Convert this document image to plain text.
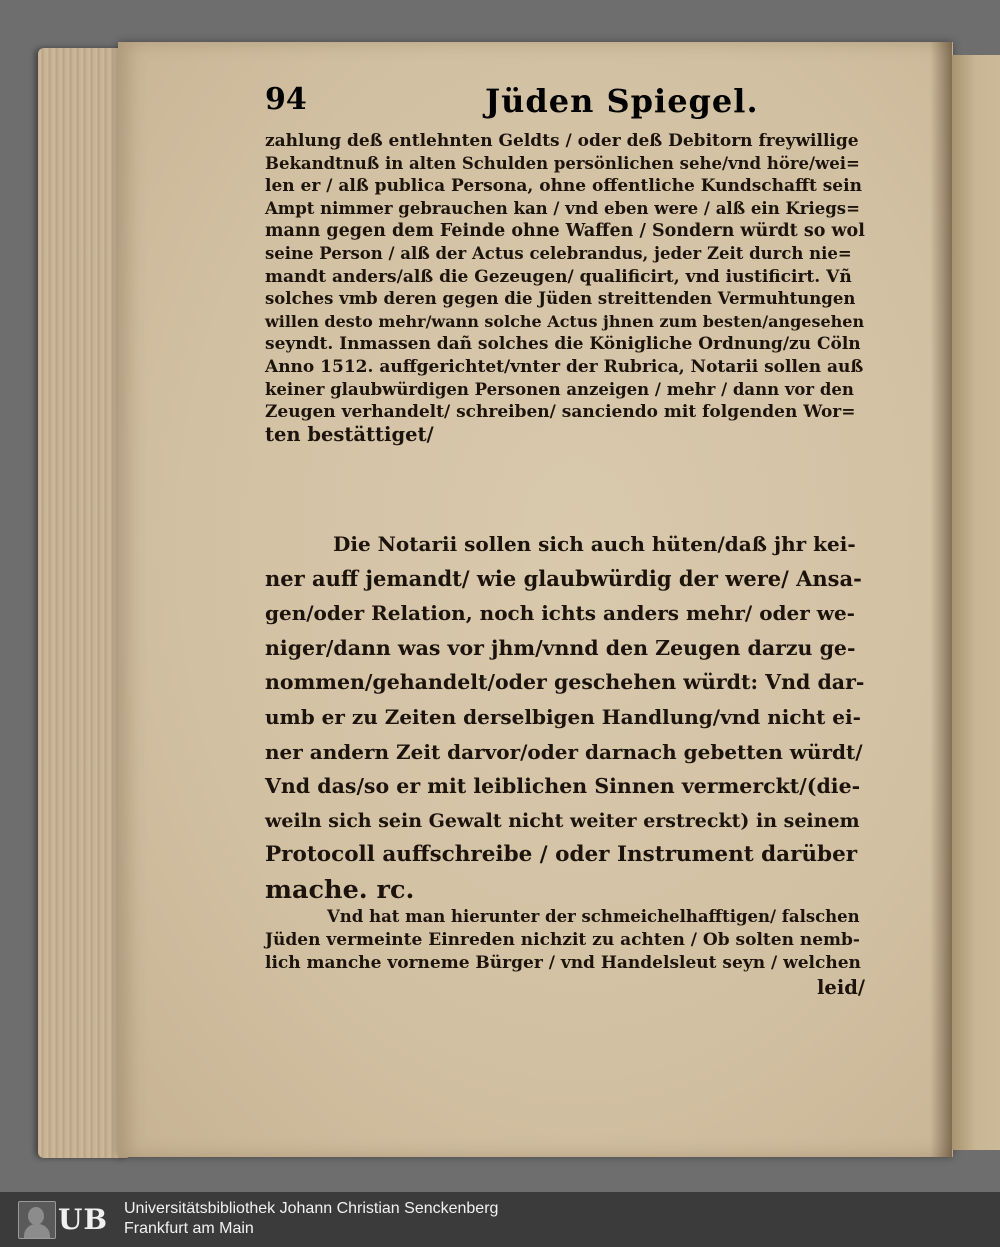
94	Jüden Spiegel.
zahlung deß entlehnten Geldts / oder deß Debitorn freywillige
Bekandtnuß in alten Schulden persönlichen sehe/vnd höre/wei=
len er / alß publica Persona, ohne offentliche Kundschafft sein
Ampt nimmer gebrauchen kan / vnd eben were / alß ein Kriegs=
mann gegen dem Feinde ohne Waffen / Sondern würdt so wol
seine Person / alß der Actus celebrandus, jeder Zeit durch nie=
mandt anders/alß die Gezeugen/ qualificirt, vnd iustificirt. Vñ
solches vmb deren gegen die Jüden streittenden Vermuhtungen
willen desto mehr/wann solche Actus jhnen zum besten/angesehen
seyndt. Inmassen dañ solches die Königliche Ordnung/zu Cöln
Anno 1512. auffgerichtet/vnter der Rubrica, Notarii sollen auß
keiner glaubwürdigen Personen anzeigen / mehr / dann vor den
Zeugen verhandelt/ schreiben/ sanciendo mit folgenden Wor=
ten bestättiget/
Die Notarii sollen sich auch hüten/daß jhr kei-
ner auff jemandt/ wie glaubwürdig der were/ Ansa-
gen/oder Relation, noch ichts anders mehr/ oder we-
niger/dann was vor jhm/vnnd den Zeugen darzu ge-
nommen/gehandelt/oder geschehen würdt: Vnd dar-
umb er zu Zeiten derselbigen Handlung/vnd nicht ei-
ner andern Zeit darvor/oder darnach gebetten würdt/
Vnd das/so er mit leiblichen Sinnen vermerckt/(die-
weiln sich sein Gewalt nicht weiter erstreckt) in seinem
Protocoll auffschreibe / oder Instrument darüber
mache. rc.
Vnd hat man hierunter der schmeichelhafftigen/ falschen
Jüden vermeinte Einreden nichzit zu achten / Ob solten nemb-
lich manche vorneme Bürger / vnd Handelsleut seyn / welchen
leid/
UB Universitätsbibliothek Johann Christian Senckenberg
Frankfurt am Main
